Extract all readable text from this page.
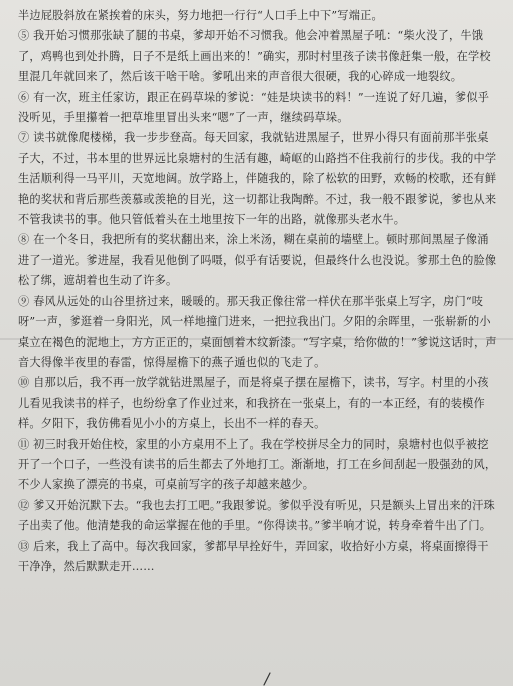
半边屁股斜放在紧挨着的床头，努力地把一行行“人口手上中下”写端正。

⑤ 我开始习惯那张缺了腿的书桌，爹却开始不习惯我。他会冲着黑屋子吼：“柴火没了，牛饿了，鸡鸭也到处扑腾，日子不是纸上画出来的！”确实，那时村里孩子读书像赶集一般，在学校里混几年就回来了，然后该干啥干啥。爹吼出来的声音很大很硬，我的心碎成一地裂纹。

⑥ 有一次，班主任家访，跟正在码草垛的爹说：“娃是块读书的料！”一连说了好几遍，爹似乎没听见，手里攥着一把草堆里冒出头来“嗯”了一声，继续码草垛。

⑦ 读书就像爬楼梯，我一步步登高。每天回家，我就钻进黑屋子，世界小得只有面前那半张桌子大，不过，书本里的世界远比泉塘村的生活有趣，崎岖的山路挡不住我前行的步伐。我的中学生活顺利得一马平川，天宽地阔。放学路上，伴随我的，除了松软的田野，欢畅的校歌，还有鲜艳的奖状和背后那些羡慕或羡艳的目光，这一切都让我陶醉。不过，我一般不跟爹说，爹也从来不管我读书的事。他只管低着头在土地里按下一年的出路，就像那头老水牛。

⑧ 在一个冬日，我把所有的奖状翻出来，涂上米汤，糊在桌前的墙壁上。顿时那间黑屋子像涌进了一道光。爹进屋，我看见他倒了吗嗫，似乎有话要说，但最终什么也没说。爹那土色的脸像松了绑，遮胡着也生动了许多。

⑨ 春风从远处的山谷里挤过来，暖暖的。那天我正像往常一样伏在那半张桌上写字，房门“吱呀”一声，爹逛着一身阳光，风一样地撞门进来，一把拉我出门。夕阳的余晖里，一张崭新的小桌立在褐色的泥地上，方方正正的，桌面刨着木纹新漆。“写字桌，给你做的！”爹说这话时，声音大得像半夜里的春雷，惊得屋檐下的燕子遁也似的飞走了。

⑩ 自那以后，我不再一放学就钻进黑屋子，而是将桌子摆在屋檐下，读书，写字。村里的小孩儿看见我读书的样子，也纷纷拿了作业过来，和我挤在一张桌上，有的一本正经，有的装模作样。夕阳下，我仿佛看见小小的方桌上，长出不一样的春天。

⑪ 初三时我开始住校，家里的小方桌用不上了。我在学校拼尽全力的同时，泉塘村也似乎被挖开了一个口子，一些没有读书的后生都去了外地打工。渐渐地，打工在乡间刮起一股强劲的风，不少人家换了漂亮的书桌，可桌前写字的孩子却越来越少。

⑫ 爹又开始沉默下去。“我也去打工吧。”我跟爹说。爹似乎没有听见，只是额头上冒出来的汗珠子出卖了他。他清楚我的命运掌握在他的手里。“你得读书。”爹半响才说，转身牵着牛出了门。

⑬ 后来，我上了高中。每次我回家，爹都早早拴好牛，弄回家，收拾好小方桌，将桌面擦得干干净净，然后默默走开……
